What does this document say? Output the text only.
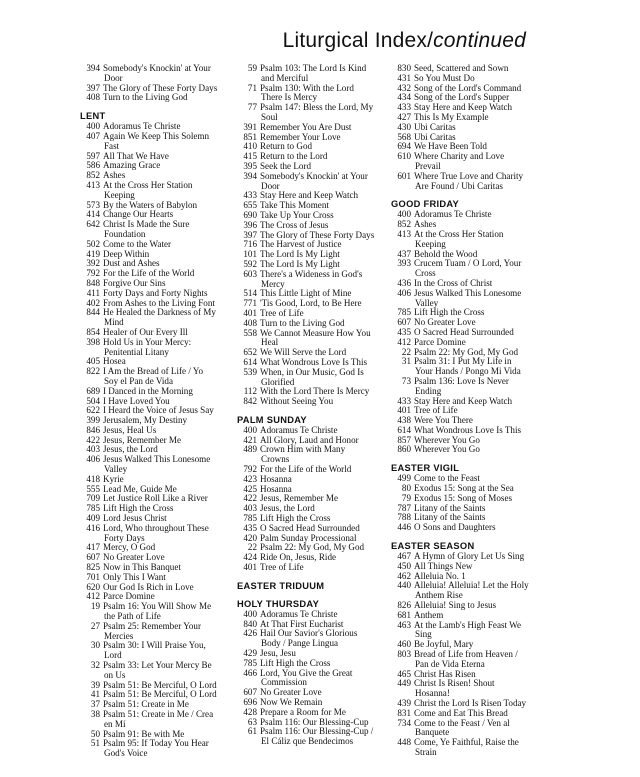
Liturgical Index/continued
394 Somebody's Knockin' at Your
Door
397 The Glory of These Forty Days
408 Turn to the Living God
LENT
400 Adoramus Te Christe
407 Again We Keep This Solemn
Fast
597 All That We Have
586 Amazing Grace
852 Ashes
413 At the Cross Her Station
Keeping
573 By the Waters of Babylon
414 Change Our Hearts
642 Christ Is Made the Sure
Foundation
502 Come to the Water
419 Deep Within
392 Dust and Ashes
792 For the Life of the World
848 Forgive Our Sins
411 Forty Days and Forty Nights
402 From Ashes to the Living Font
844 He Healed the Darkness of My
Mind
854 Healer of Our Every Ill
398 Hold Us in Your Mercy:
Penitential Litany
405 Hosea
822 I Am the Bread of Life / Yo
Soy el Pan de Vida
689 I Danced in the Morning
504 I Have Loved You
622 I Heard the Voice of Jesus Say
399 Jerusalem, My Destiny
846 Jesus, Heal Us
422 Jesus, Remember Me
403 Jesus, the Lord
406 Jesus Walked This Lonesome
Valley
418 Kyrie
555 Lead Me, Guide Me
709 Let Justice Roll Like a River
785 Lift High the Cross
409 Lord Jesus Christ
416 Lord, Who throughout These
Forty Days
417 Mercy, O God
607 No Greater Love
825 Now in This Banquet
701 Only This I Want
620 Our God Is Rich in Love
412 Parce Domine
19 Psalm 16: You Will Show Me
the Path of Life
27 Psalm 25: Remember Your
Mercies
30 Psalm 30: I Will Praise You,
Lord
32 Psalm 33: Let Your Mercy Be
on Us
39 Psalm 51: Be Merciful, O Lord
41 Psalm 51: Be Merciful, O Lord
37 Psalm 51: Create in Me
38 Psalm 51: Create in Me / Crea
en Mí
50 Psalm 91: Be with Me
51 Psalm 95: If Today You Hear
God's Voice
59 Psalm 103: The Lord Is Kind
and Merciful
71 Psalm 130: With the Lord
There Is Mercy
77 Psalm 147: Bless the Lord, My
Soul
391 Remember You Are Dust
851 Remember Your Love
410 Return to God
415 Return to the Lord
395 Seek the Lord
394 Somebody's Knockin' at Your
Door
433 Stay Here and Keep Watch
655 Take This Moment
690 Take Up Your Cross
396 The Cross of Jesus
397 The Glory of These Forty Days
716 The Harvest of Justice
101 The Lord Is My Light
592 The Lord Is My Light
603 There's a Wideness in God's
Mercy
514 This Little Light of Mine
771 'Tis Good, Lord, to Be Here
401 Tree of Life
408 Turn to the Living God
558 We Cannot Measure How You
Heal
652 We Will Serve the Lord
614 What Wondrous Love Is This
539 When, in Our Music, God Is
Glorified
112 With the Lord There Is Mercy
842 Without Seeing You
PALM SUNDAY
400 Adoramus Te Christe
421 All Glory, Laud and Honor
489 Crown Him with Many
Crowns
792 For the Life of the World
423 Hosanna
425 Hosanna
422 Jesus, Remember Me
403 Jesus, the Lord
785 Lift High the Cross
435 O Sacred Head Surrounded
420 Palm Sunday Processional
22 Psalm 22: My God, My God
424 Ride On, Jesus, Ride
401 Tree of Life
EASTER TRIDUUM
HOLY THURSDAY
400 Adoramus Te Christe
840 At That First Eucharist
426 Hail Our Savior's Glorious
Body / Pange Lingua
429 Jesu, Jesu
785 Lift High the Cross
466 Lord, You Give the Great
Commission
607 No Greater Love
696 Now We Remain
428 Prepare a Room for Me
63 Psalm 116: Our Blessing-Cup
61 Psalm 116: Our Blessing-Cup /
El Cáliz que Bendecimos
830 Seed, Scattered and Sown
431 So You Must Do
432 Song of the Lord's Command
434 Song of the Lord's Supper
433 Stay Here and Keep Watch
427 This Is My Example
430 Ubi Caritas
568 Ubi Caritas
694 We Have Been Told
610 Where Charity and Love
Prevail
601 Where True Love and Charity
Are Found / Ubi Caritas
GOOD FRIDAY
400 Adoramus Te Christe
852 Ashes
413 At the Cross Her Station
Keeping
437 Behold the Wood
393 Crucem Tuam / O Lord, Your
Cross
436 In the Cross of Christ
406 Jesus Walked This Lonesome
Valley
785 Lift High the Cross
607 No Greater Love
435 O Sacred Head Surrounded
412 Parce Domine
22 Psalm 22: My God, My God
31 Psalm 31: I Put My Life in
Your Hands / Pongo Mi Vida
73 Psalm 136: Love Is Never
Ending
433 Stay Here and Keep Watch
401 Tree of Life
438 Were You There
614 What Wondrous Love Is This
857 Wherever You Go
860 Wherever You Go
EASTER VIGIL
499 Come to the Feast
80 Exodus 15: Song at the Sea
79 Exodus 15: Song of Moses
787 Litany of the Saints
788 Litany of the Saints
446 O Sons and Daughters
EASTER SEASON
467 A Hymn of Glory Let Us Sing
450 All Things New
462 Alleluia No. 1
440 Alleluia! Alleluia! Let the Holy
Anthem Rise
826 Alleluia! Sing to Jesus
681 Anthem
463 At the Lamb's High Feast We
Sing
460 Be Joyful, Mary
803 Bread of Life from Heaven /
Pan de Vida Eterna
465 Christ Has Risen
449 Christ Is Risen! Shout
Hosanna!
439 Christ the Lord Is Risen Today
831 Come and Eat This Bread
734 Come to the Feast / Ven al
Banquete
448 Come, Ye Faithful, Raise the
Strain
